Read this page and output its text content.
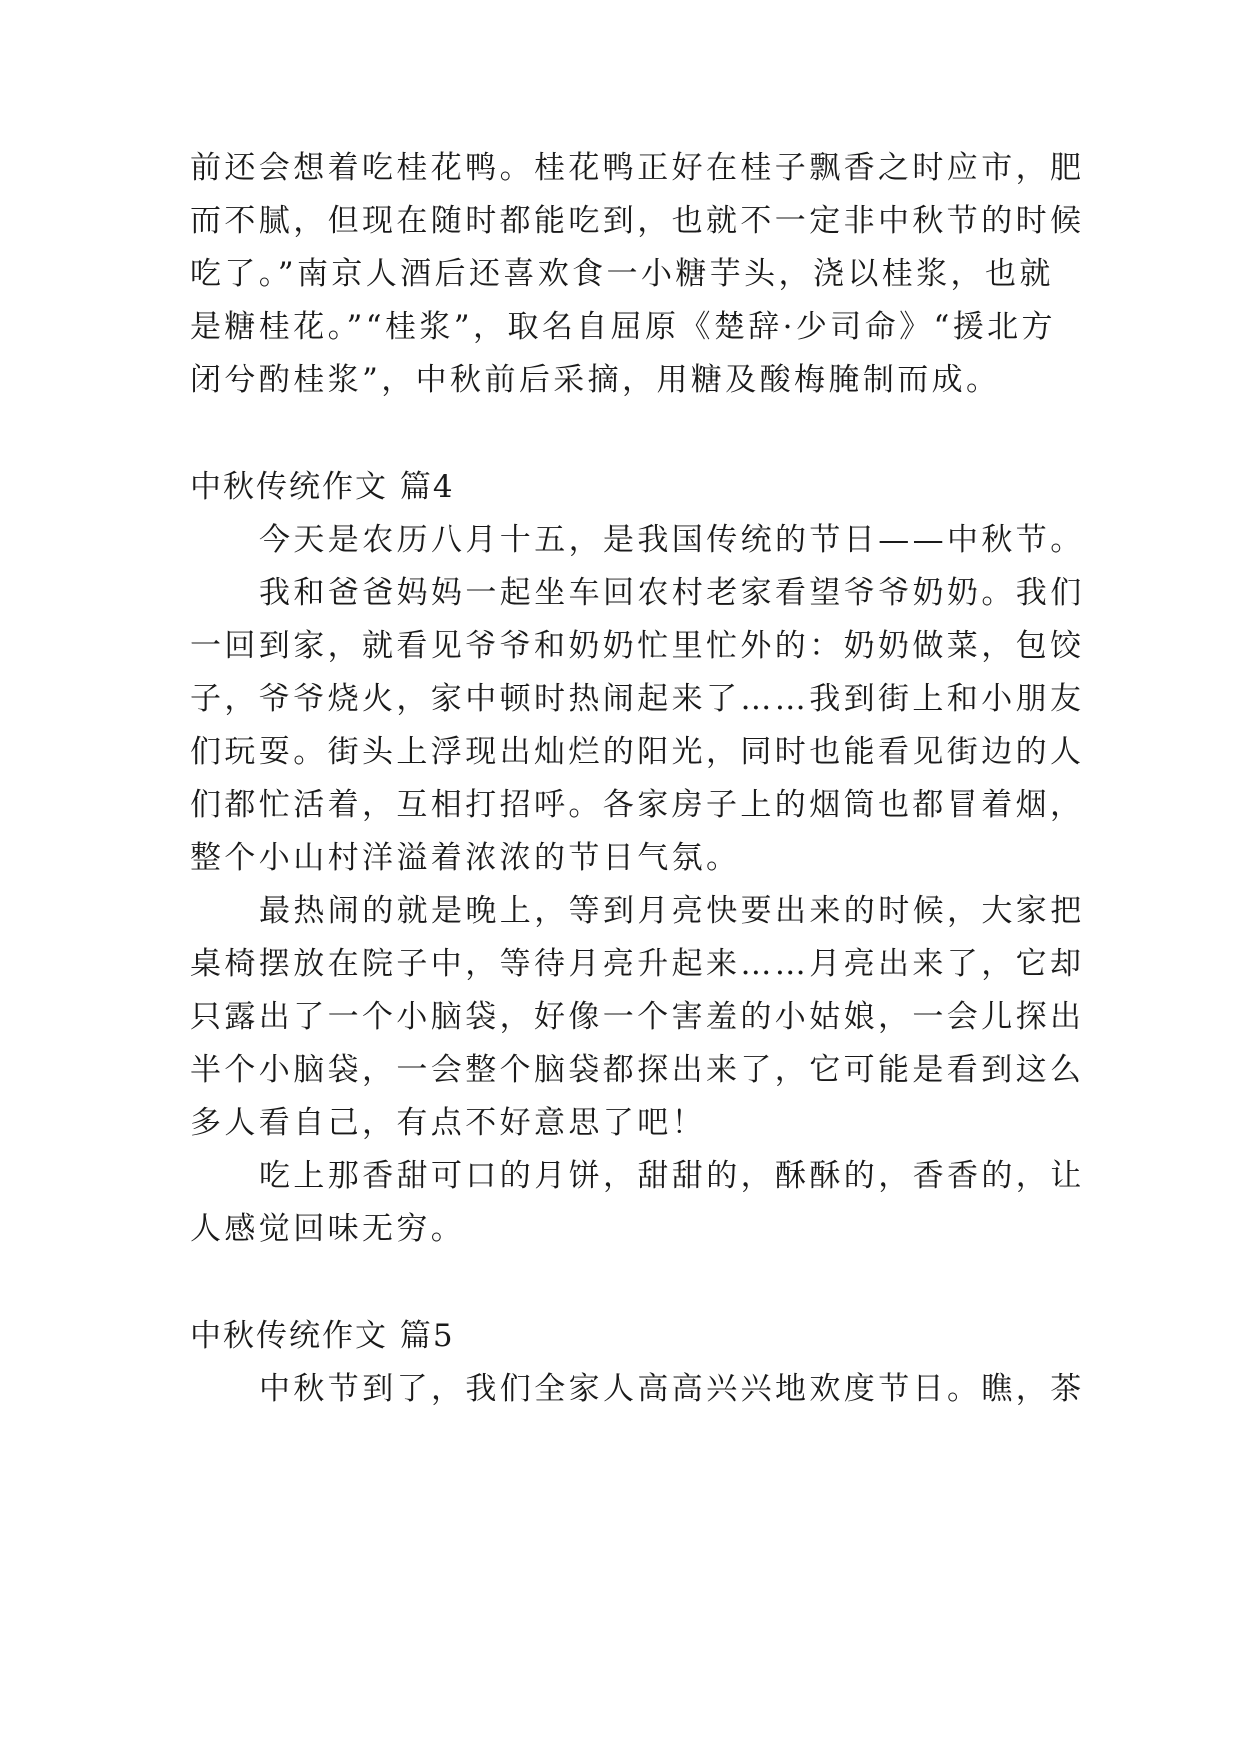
前还会想着吃桂花鸭。桂花鸭正好在桂子飘香之时应市，肥
而不腻，但现在随时都能吃到，也就不一定非中秋节的时候
吃了。”南京人酒后还喜欢食一小糖芋头，浇以桂浆，也就
是糖桂花。”“桂浆”，取名自屈原《楚辞·少司命》“援北方
闭兮酌桂浆”，中秋前后采摘，用糖及酸梅腌制而成。
中秋传统作文 篇4
今天是农历八月十五，是我国传统的节日——中秋节。
我和爸爸妈妈一起坐车回农村老家看望爷爷奶奶。我们
一回到家，就看见爷爷和奶奶忙里忙外的：奶奶做菜，包饺
子，爷爷烧火，家中顿时热闹起来了……我到街上和小朋友
们玩耍。街头上浮现出灿烂的阳光，同时也能看见街边的人
们都忙活着，互相打招呼。各家房子上的烟筒也都冒着烟，
整个小山村洋溢着浓浓的节日气氛。
最热闹的就是晚上，等到月亮快要出来的时候，大家把
桌椅摆放在院子中，等待月亮升起来……月亮出来了，它却
只露出了一个小脑袋，好像一个害羞的小姑娘，一会儿探出
半个小脑袋，一会整个脑袋都探出来了，它可能是看到这么
多人看自己，有点不好意思了吧！
吃上那香甜可口的月饼，甜甜的，酥酥的，香香的，让
人感觉回味无穷。
中秋传统作文 篇5
中秋节到了，我们全家人高高兴兴地欢度节日。瞧，茶
